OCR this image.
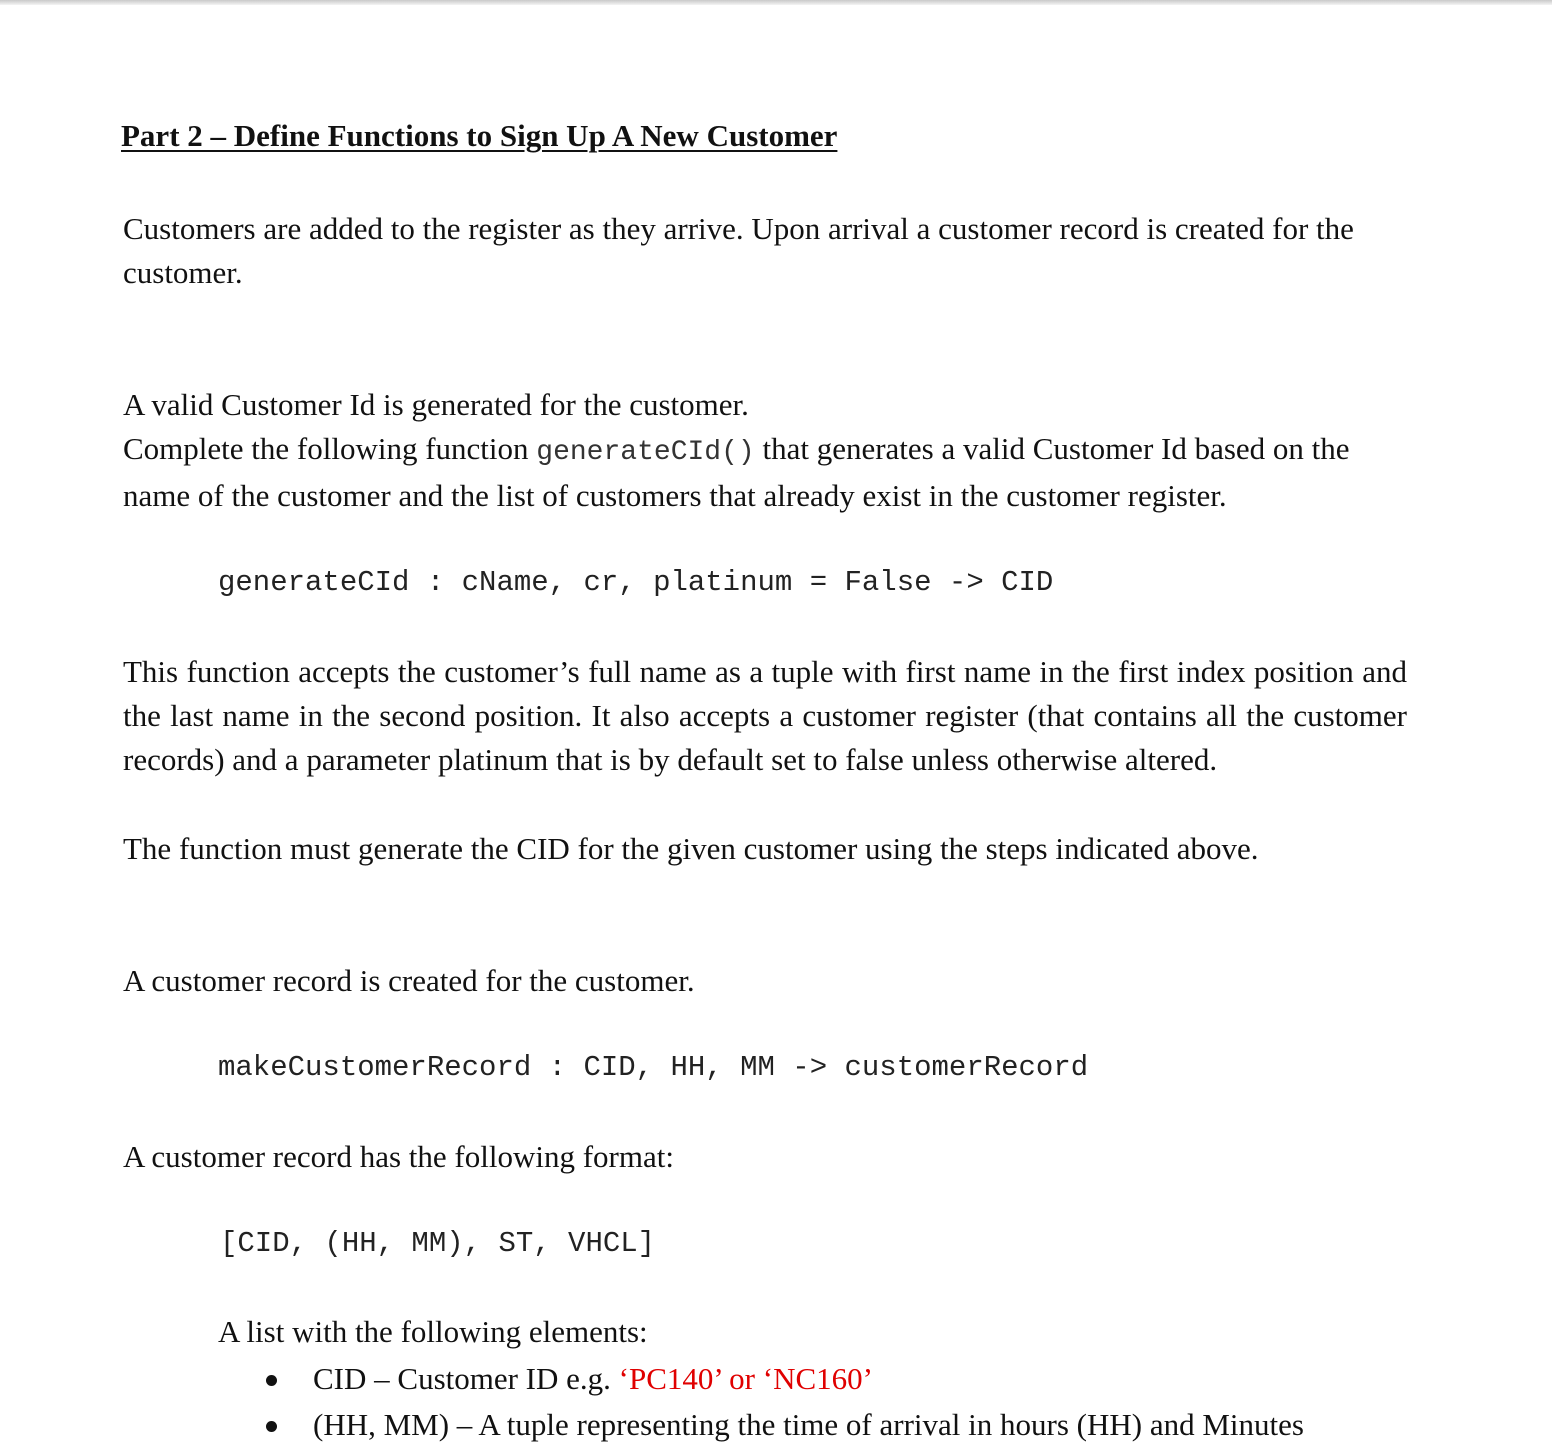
Part 2 – Define Functions to Sign Up A New Customer

Customers are added to the register as they arrive. Upon arrival a customer record is created for the

customer.

A valid Customer Id is generated for the customer.

Complete the following function generateCId() that generates a valid Customer Id based on the

name of the customer and the list of customers that already exist in the customer register.

generateCId : cName, cr, platinum = False -> CID

This function accepts the customer’s full name as a tuple with first name in the first index position and the last name in the second position. It also accepts a customer register (that contains all the customer records) and a parameter platinum that is by default set to false unless otherwise altered.

The function must generate the CID for the given customer using the steps indicated above.

A customer record is created for the customer.

makeCustomerRecord : CID, HH, MM -> customerRecord

A customer record has the following format:

[CID, (HH, MM), ST, VHCL]

A list with the following elements:

CID – Customer ID e.g. ‘PC140’ or ‘NC160’

(HH, MM) – A tuple representing the time of arrival in hours (HH) and Minutes
